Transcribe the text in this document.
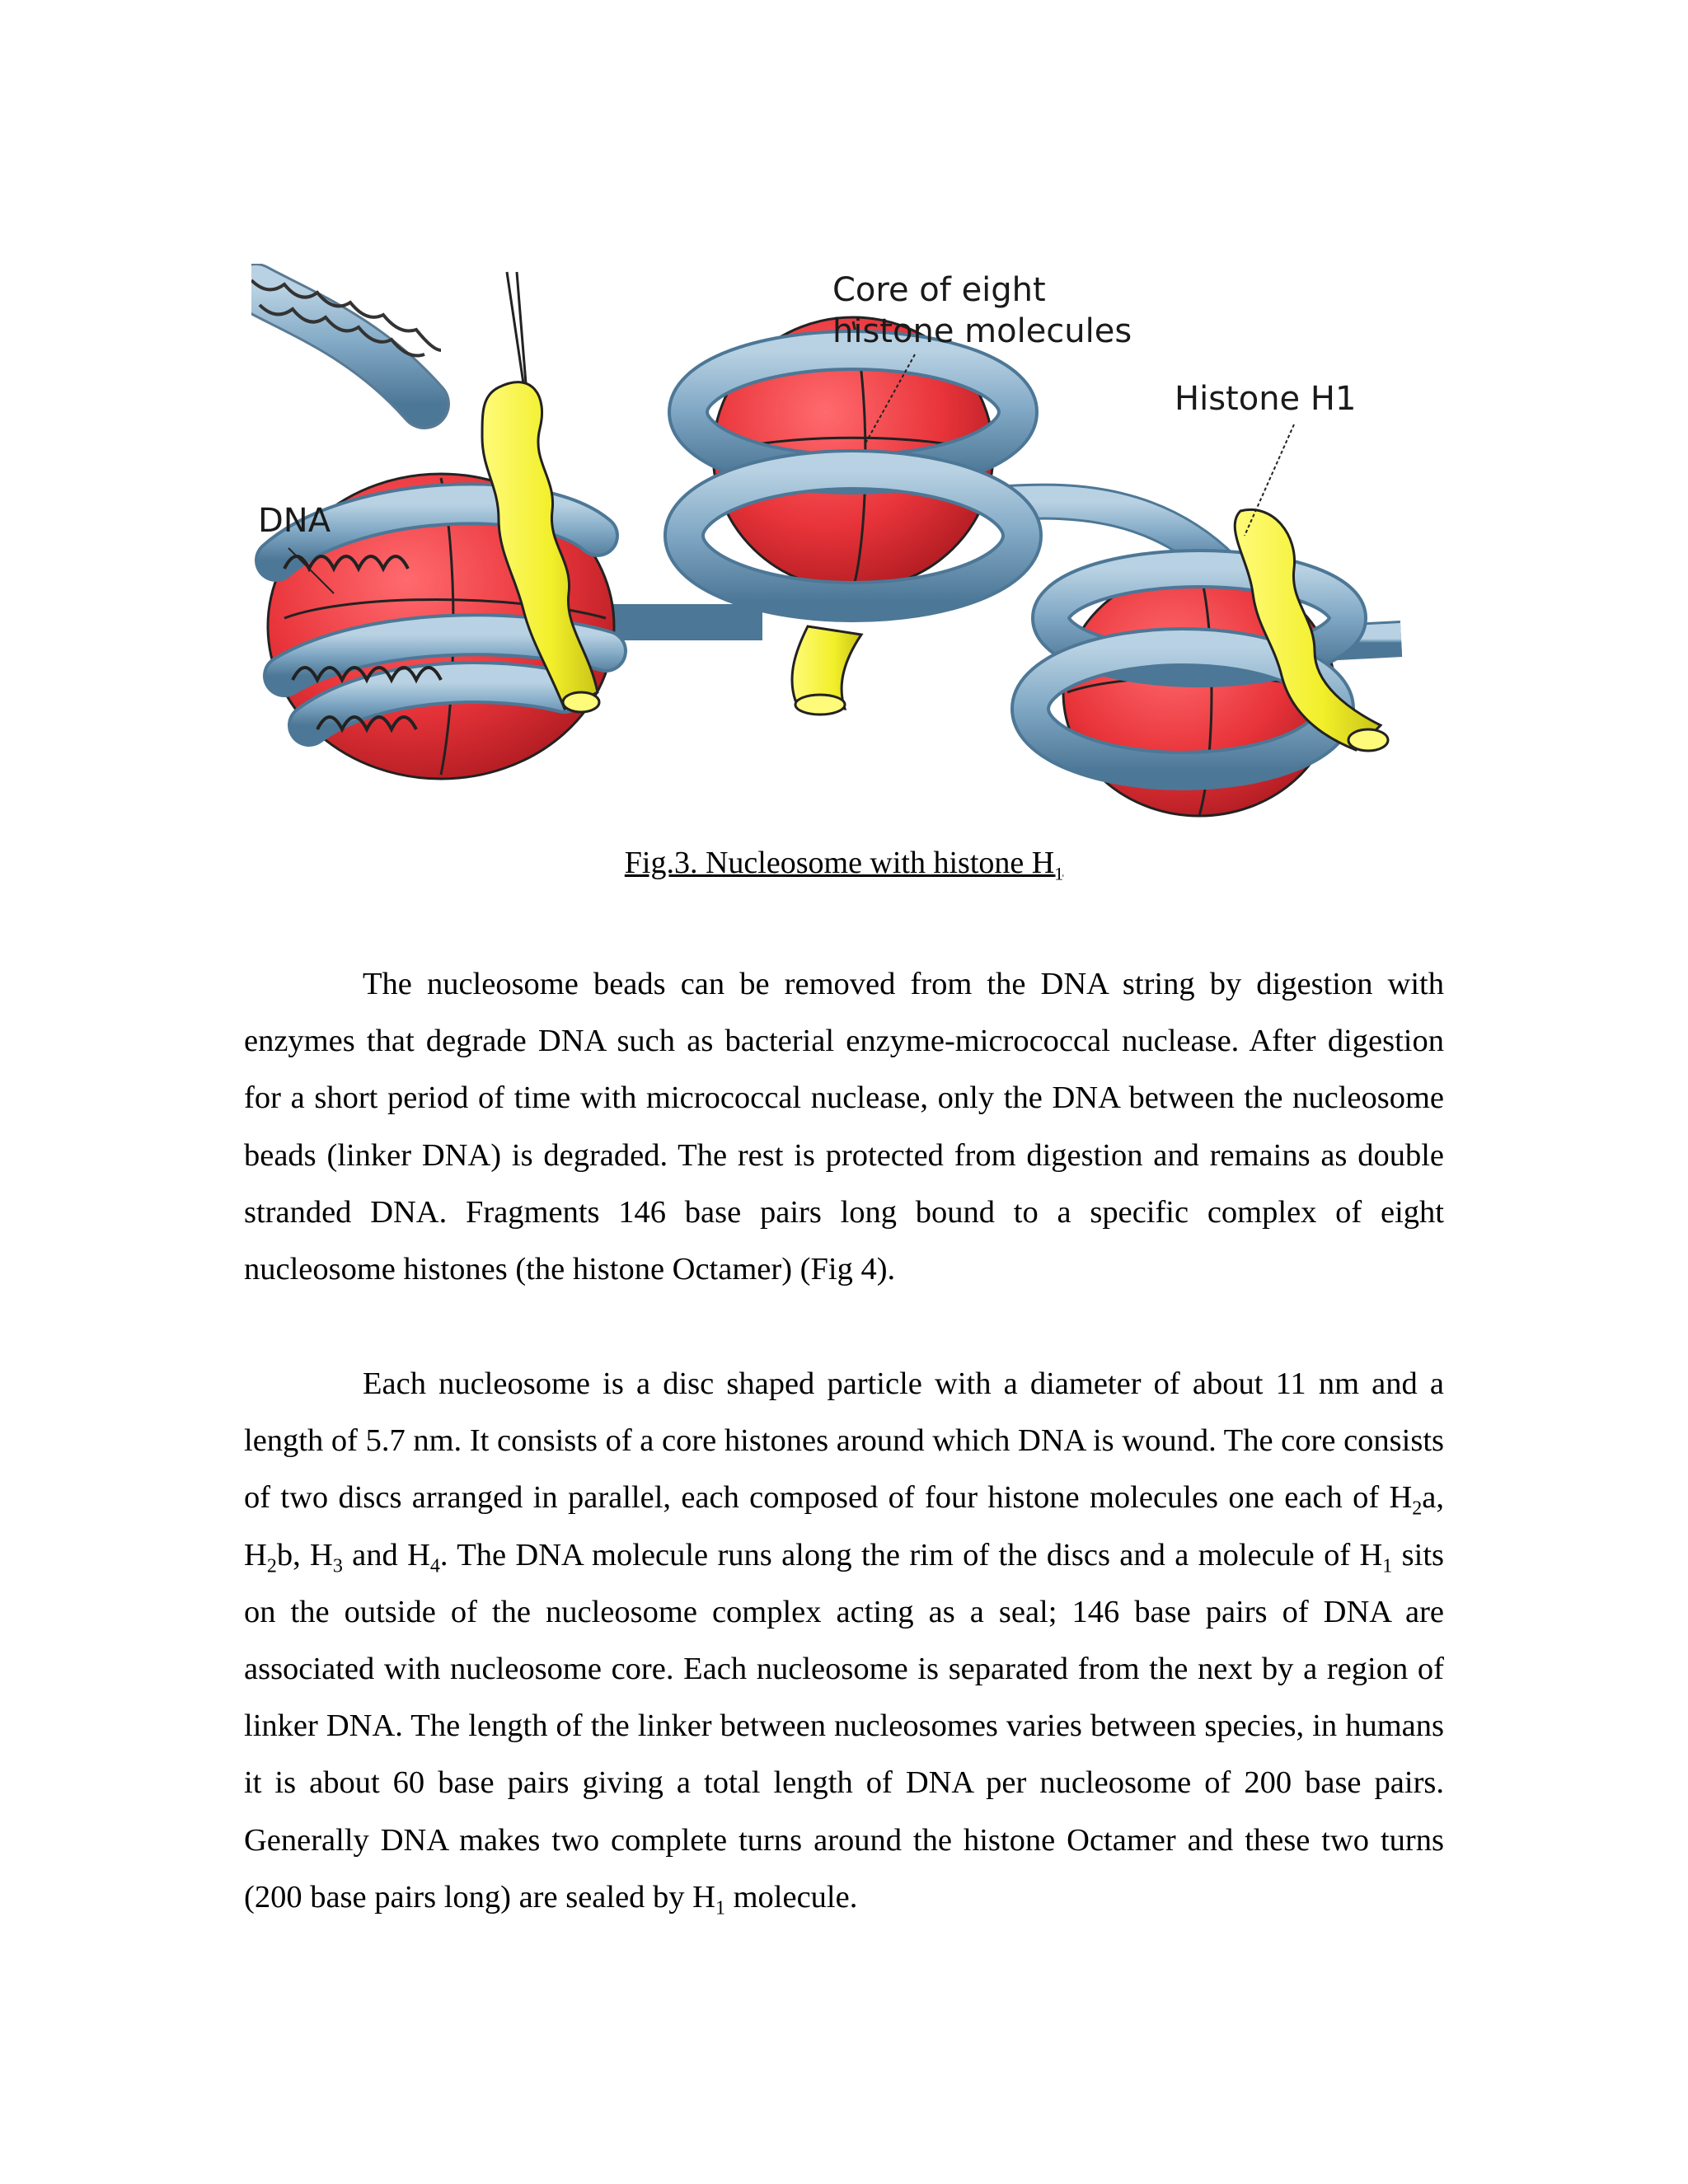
Core of eight
histone molecules
Histone H1
DNA
Fig.3. Nucleosome with histone $H_1$

The nucleosome beads can be removed from the DNA string by digestion with enzymes that degrade DNA such as bacterial enzyme-micrococcal nuclease. After digestion for a short period of time with micrococcal nuclease, only the DNA between the nucleosome beads (linker DNA) is degraded. The rest is protected from digestion and remains as double stranded DNA. Fragments 146 base pairs long bound to a specific complex of eight nucleosome histones (the histone Octamer) (Fig 4).

Each nucleosome is a disc shaped particle with a diameter of about 11 nm and a length of 5.7 nm. It consists of a core histones around which DNA is wound. The core consists of two discs arranged in parallel, each composed of four histone molecules one each of $H_2a$, $H_2b$, $H_3$ and $H_4$. The DNA molecule runs along the rim of the discs and a molecule of $H_1$ sits on the outside of the nucleosome complex acting as a seal; 146 base pairs of DNA are associated with nucleosome core. Each nucleosome is separated from the next by a region of linker DNA. The length of the linker between nucleosomes varies between species, in humans it is about 60 base pairs giving a total length of DNA per nucleosome of 200 base pairs. Generally DNA makes two complete turns around the histone Octamer and these two turns (200 base pairs long) are sealed by $H_1$ molecule.
